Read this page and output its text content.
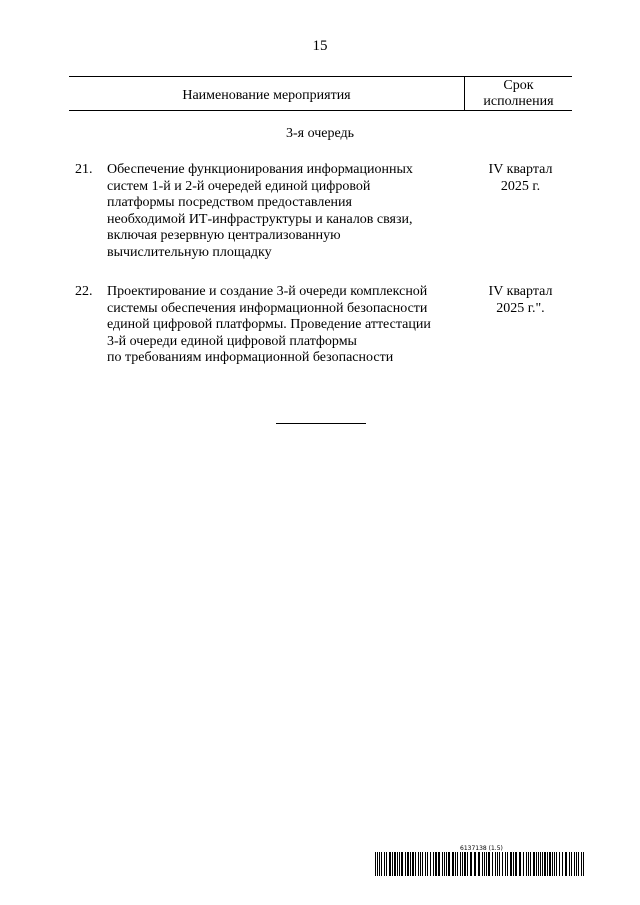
15
Наименование мероприятия
Срок
исполнения
3-я очередь
21. Обеспечение функционирования информационных
систем 1-й и 2-й очередей единой цифровой
платформы посредством предоставления
необходимой ИТ-инфраструктуры и каналов связи,
включая резервную централизованную
вычислительную площадку
IV квартал
2025 г.
22. Проектирование и создание 3-й очереди комплексной
системы обеспечения информационной безопасности
единой цифровой платформы. Проведение аттестации
3-й очереди единой цифровой платформы
по требованиям информационной безопасности
IV квартал
2025 г.".
6137138 (1.5)
